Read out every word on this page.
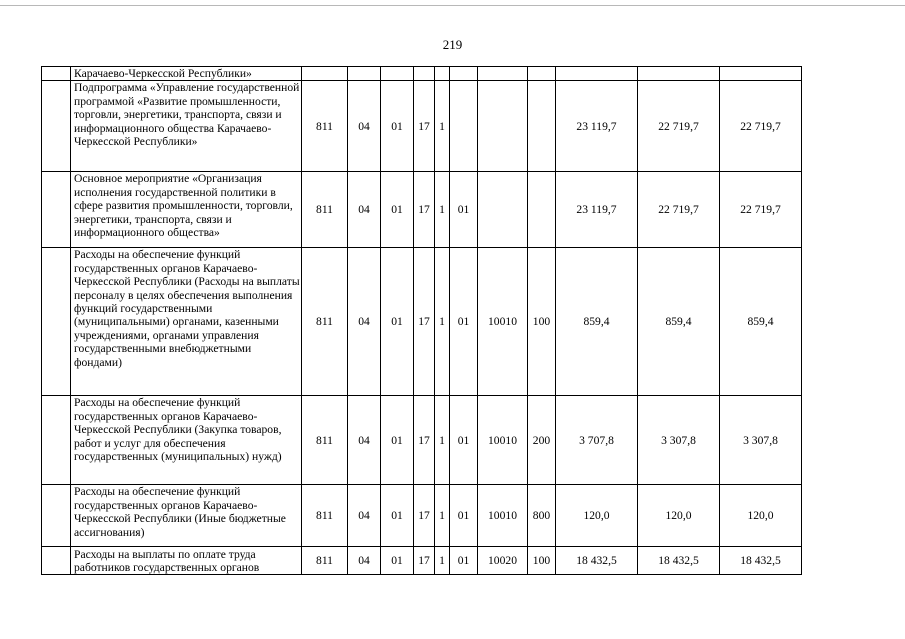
219
	Карачаево-Черкесской Республики»											
	Подпрограмма «Управление государственной программой «Развитие промышленности, торговли, энергетики, транспорта, связи и информационного общества Карачаево-Черкесской Республики»	811	04	01	17	1				23 119,7	22 719,7	22 719,7
	Основное мероприятие «Организация исполнения государственной политики в сфере развития промышленности, торговли, энергетики, транспорта, связи и информационного общества»	811	04	01	17	1	01			23 119,7	22 719,7	22 719,7
	Расходы на обеспечение функций государственных органов Карачаево-Черкесской Республики (Расходы на выплаты персоналу в целях обеспечения выполнения функций государственными (муниципальными) органами, казенными учреждениями, органами управления государственными внебюджетными фондами)	811	04	01	17	1	01	10010	100	859,4	859,4	859,4
	Расходы на обеспечение функций государственных органов Карачаево-Черкесской Республики (Закупка товаров, работ и услуг для обеспечения государственных (муниципальных) нужд)	811	04	01	17	1	01	10010	200	3 707,8	3 307,8	3 307,8
	Расходы на обеспечение функций государственных органов Карачаево-Черкесской Республики (Иные бюджетные ассигнования)	811	04	01	17	1	01	10010	800	120,0	120,0	120,0
	Расходы на выплаты по оплате труда работников государственных органов	811	04	01	17	1	01	10020	100	18 432,5	18 432,5	18 432,5
